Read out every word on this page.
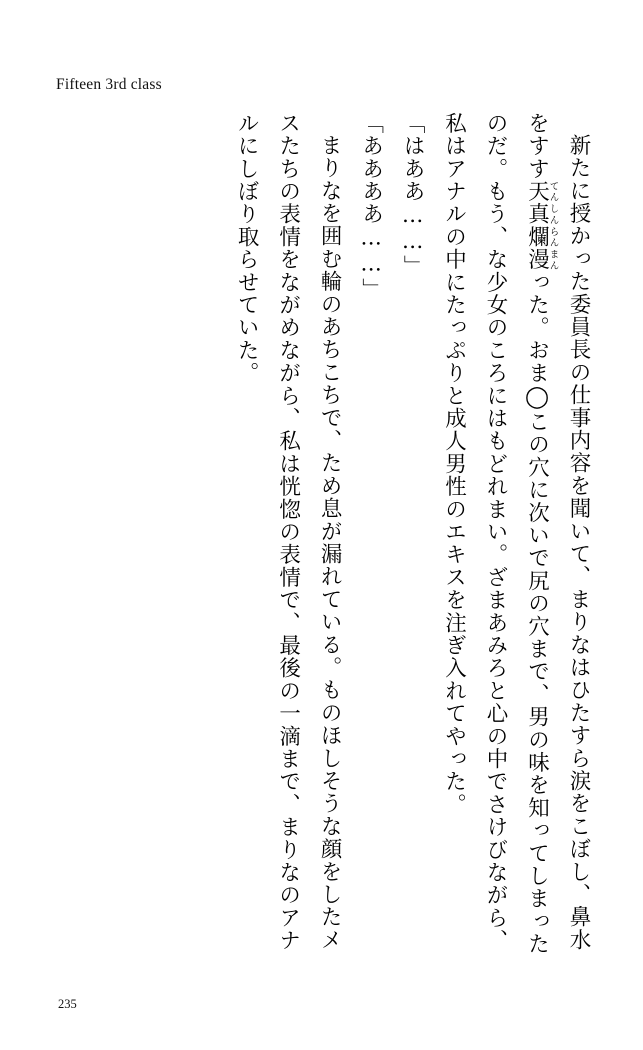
Fifteen 3rd class

新たに授かった委員長の仕事内容を聞いて、まりなはひたすら涙をこぼし、鼻水をすす天真爛漫てんしんらんまんった。おま◯この穴に次いで尻の穴まで、男の味を知ってしまったのだ。もう、な少女のころにはもどれまい。ざまあみろと心の中でさけびながら、私はアナルの中にたっぷりと成人男性のエキスを注ぎ入れてやった。

「はああ……」

「ああああ……」

まりなを囲む輪のあちこちで、ため息が漏れている。ものほしそうな顔をしたメスたちの表情をながめながら、私は恍惚の表情で、最後の一滴まで、まりなのアナルにしぼり取らせていた。

235
